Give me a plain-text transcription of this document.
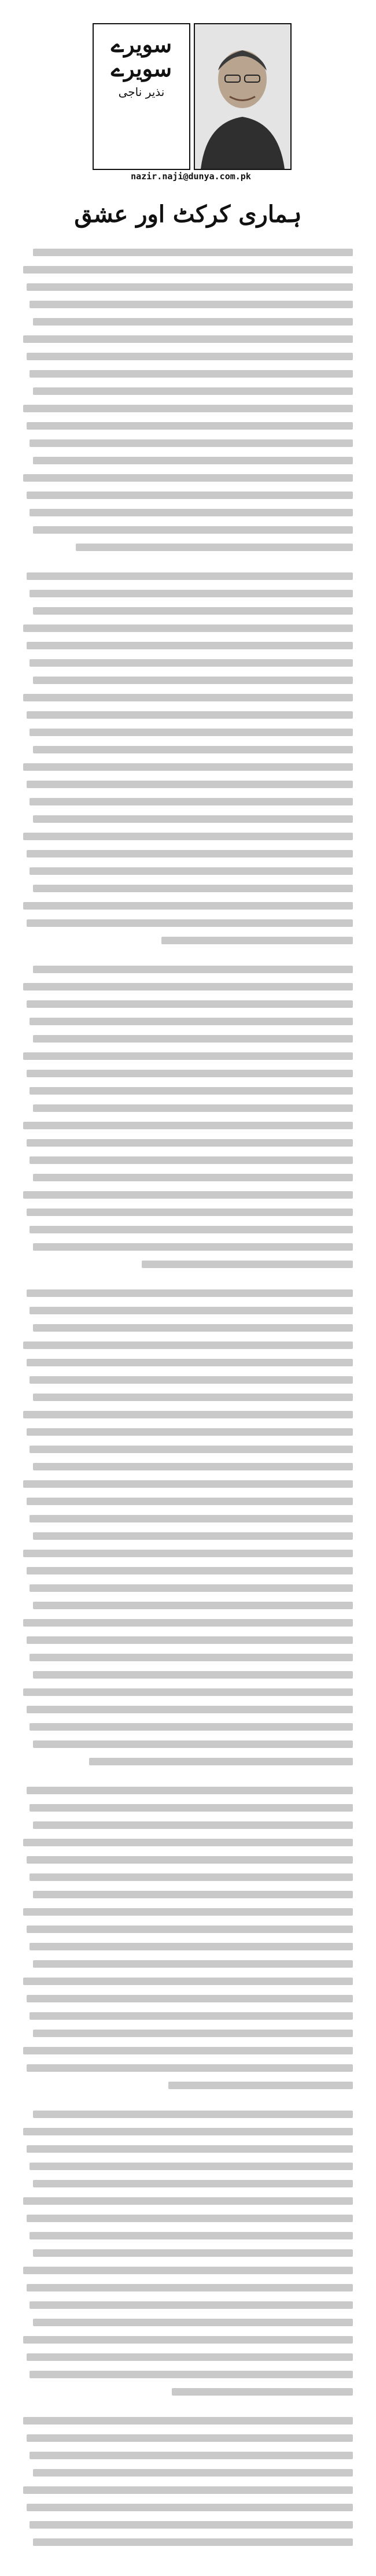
سویرے سویرے
نذیر ناجی
nazir.naji@dunya.com.pk
ہماری کرکٹ اور عشق
